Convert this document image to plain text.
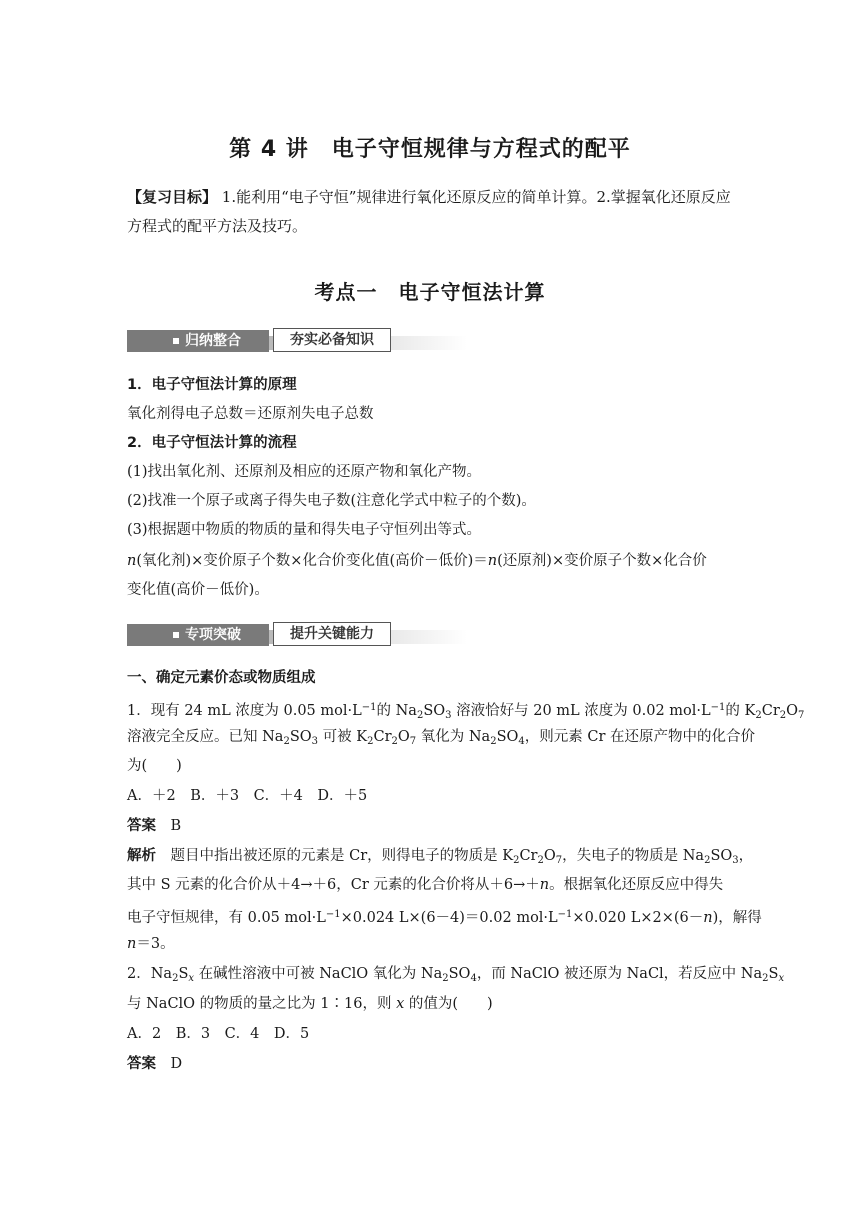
第 4 讲　电子守恒规律与方程式的配平
【复习目标】 1.能利用“电子守恒”规律进行氧化还原反应的简单计算。2.掌握氧化还原反应
方程式的配平方法及技巧。
考点一　电子守恒法计算
归纳整合	夯实必备知识
1．电子守恒法计算的原理
氧化剂得电子总数＝还原剂失电子总数
2．电子守恒法计算的流程
(1)找出氧化剂、还原剂及相应的还原产物和氧化产物。
(2)找准一个原子或离子得失电子数(注意化学式中粒子的个数)。
(3)根据题中物质的物质的量和得失电子守恒列出等式。
n(氧化剂)×变价原子个数×化合价变化值(高价－低价)＝n(还原剂)×变价原子个数×化合价
变化值(高价－低价)。
专项突破	提升关键能力
一、确定元素价态或物质组成
1．现有 24 mL 浓度为 0.05 $mol\cdot L^{-1}$的 $Na_2SO_3$ 溶液恰好与 20 mL 浓度为 0.02 $mol\cdot L^{-1}$的 $K_2Cr_2O_7$
溶液完全反应。已知 $Na_2SO_3$ 可被 $K_2Cr_2O_7$ 氧化为 $Na_2SO_4$，则元素 Cr 在还原产物中的化合价
为(　　)
A．＋2　B．＋3　C．＋4　D．＋5
答案　 B
解析　题目中指出被还原的元素是 Cr，则得电子的物质是 $K_2Cr_2O_7$，失电子的物质是 $Na_2SO_3$，
其中 S 元素的化合价从＋4→＋6，Cr 元素的化合价将从＋6→＋n。根据氧化还原反应中得失
电子守恒规律，有 0.05 $mol\cdot L^{-1}\times 0.024$ L×(6－4)＝0.02 $mol\cdot L^{-1}\times 0.020$ L×2×(6－n)，解得
n＝3。
2．$Na_2S_x$ 在碱性溶液中可被 NaClO 氧化为 $Na_2SO_4$，而 NaClO 被还原为 NaCl，若反应中 $Na_2S_x$
与 NaClO 的物质的量之比为 1∶16，则 x 的值为(　　)
A．2　B．3　C．4　D．5
答案　 D
